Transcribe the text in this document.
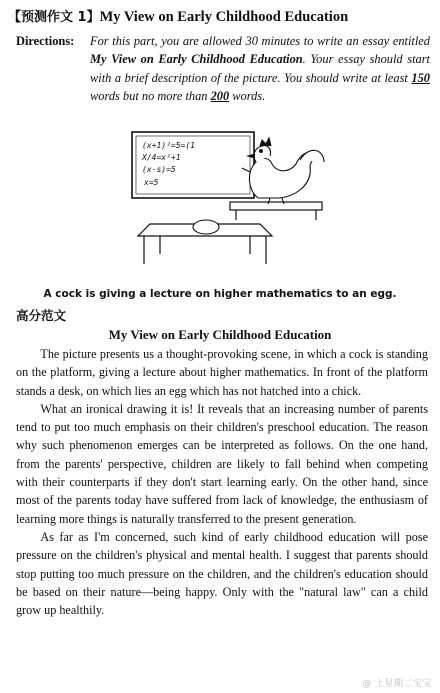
【预测作文 1】My View on Early Childhood Education
Directions: For this part, you are allowed 30 minutes to write an essay entitled My View on Early Childhood Education. Your essay should start with a brief description of the picture. You should write at least 150 words but no more than 200 words.
(x+1)²=5=(1
X/4=x²+1
(x-s)=5
x=5
A cock is giving a lecture on higher mathematics to an egg.
高分范文
My View on Early Childhood Education

The picture presents us a thought-provoking scene, in which a cock is standing on the platform, giving a lecture about higher mathematics. In front of the platform stands a desk, on which lies an egg which has not hatched into a chick.

What an ironical drawing it is! It reveals that an increasing number of parents tend to put too much emphasis on their children's preschool education. The reason why such phenomenon emerges can be interpreted as follows. On the one hand, from the parents' perspective, children are likely to fall behind when competing with their counterparts if they don't start learning early. On the other hand, since most of the parents today have suffered from lack of knowledge, the enthusiasm of learning more things is naturally transferred to the present generation.

As far as I'm concerned, such kind of early childhood education will pose pressure on the children's physical and mental health. I suggest that parents should stop putting too much pressure on the children, and the children's education should be based on their nature—being happy. Only with the "natural law" can a child grow up healthily.

@ 上星期二宝宝
